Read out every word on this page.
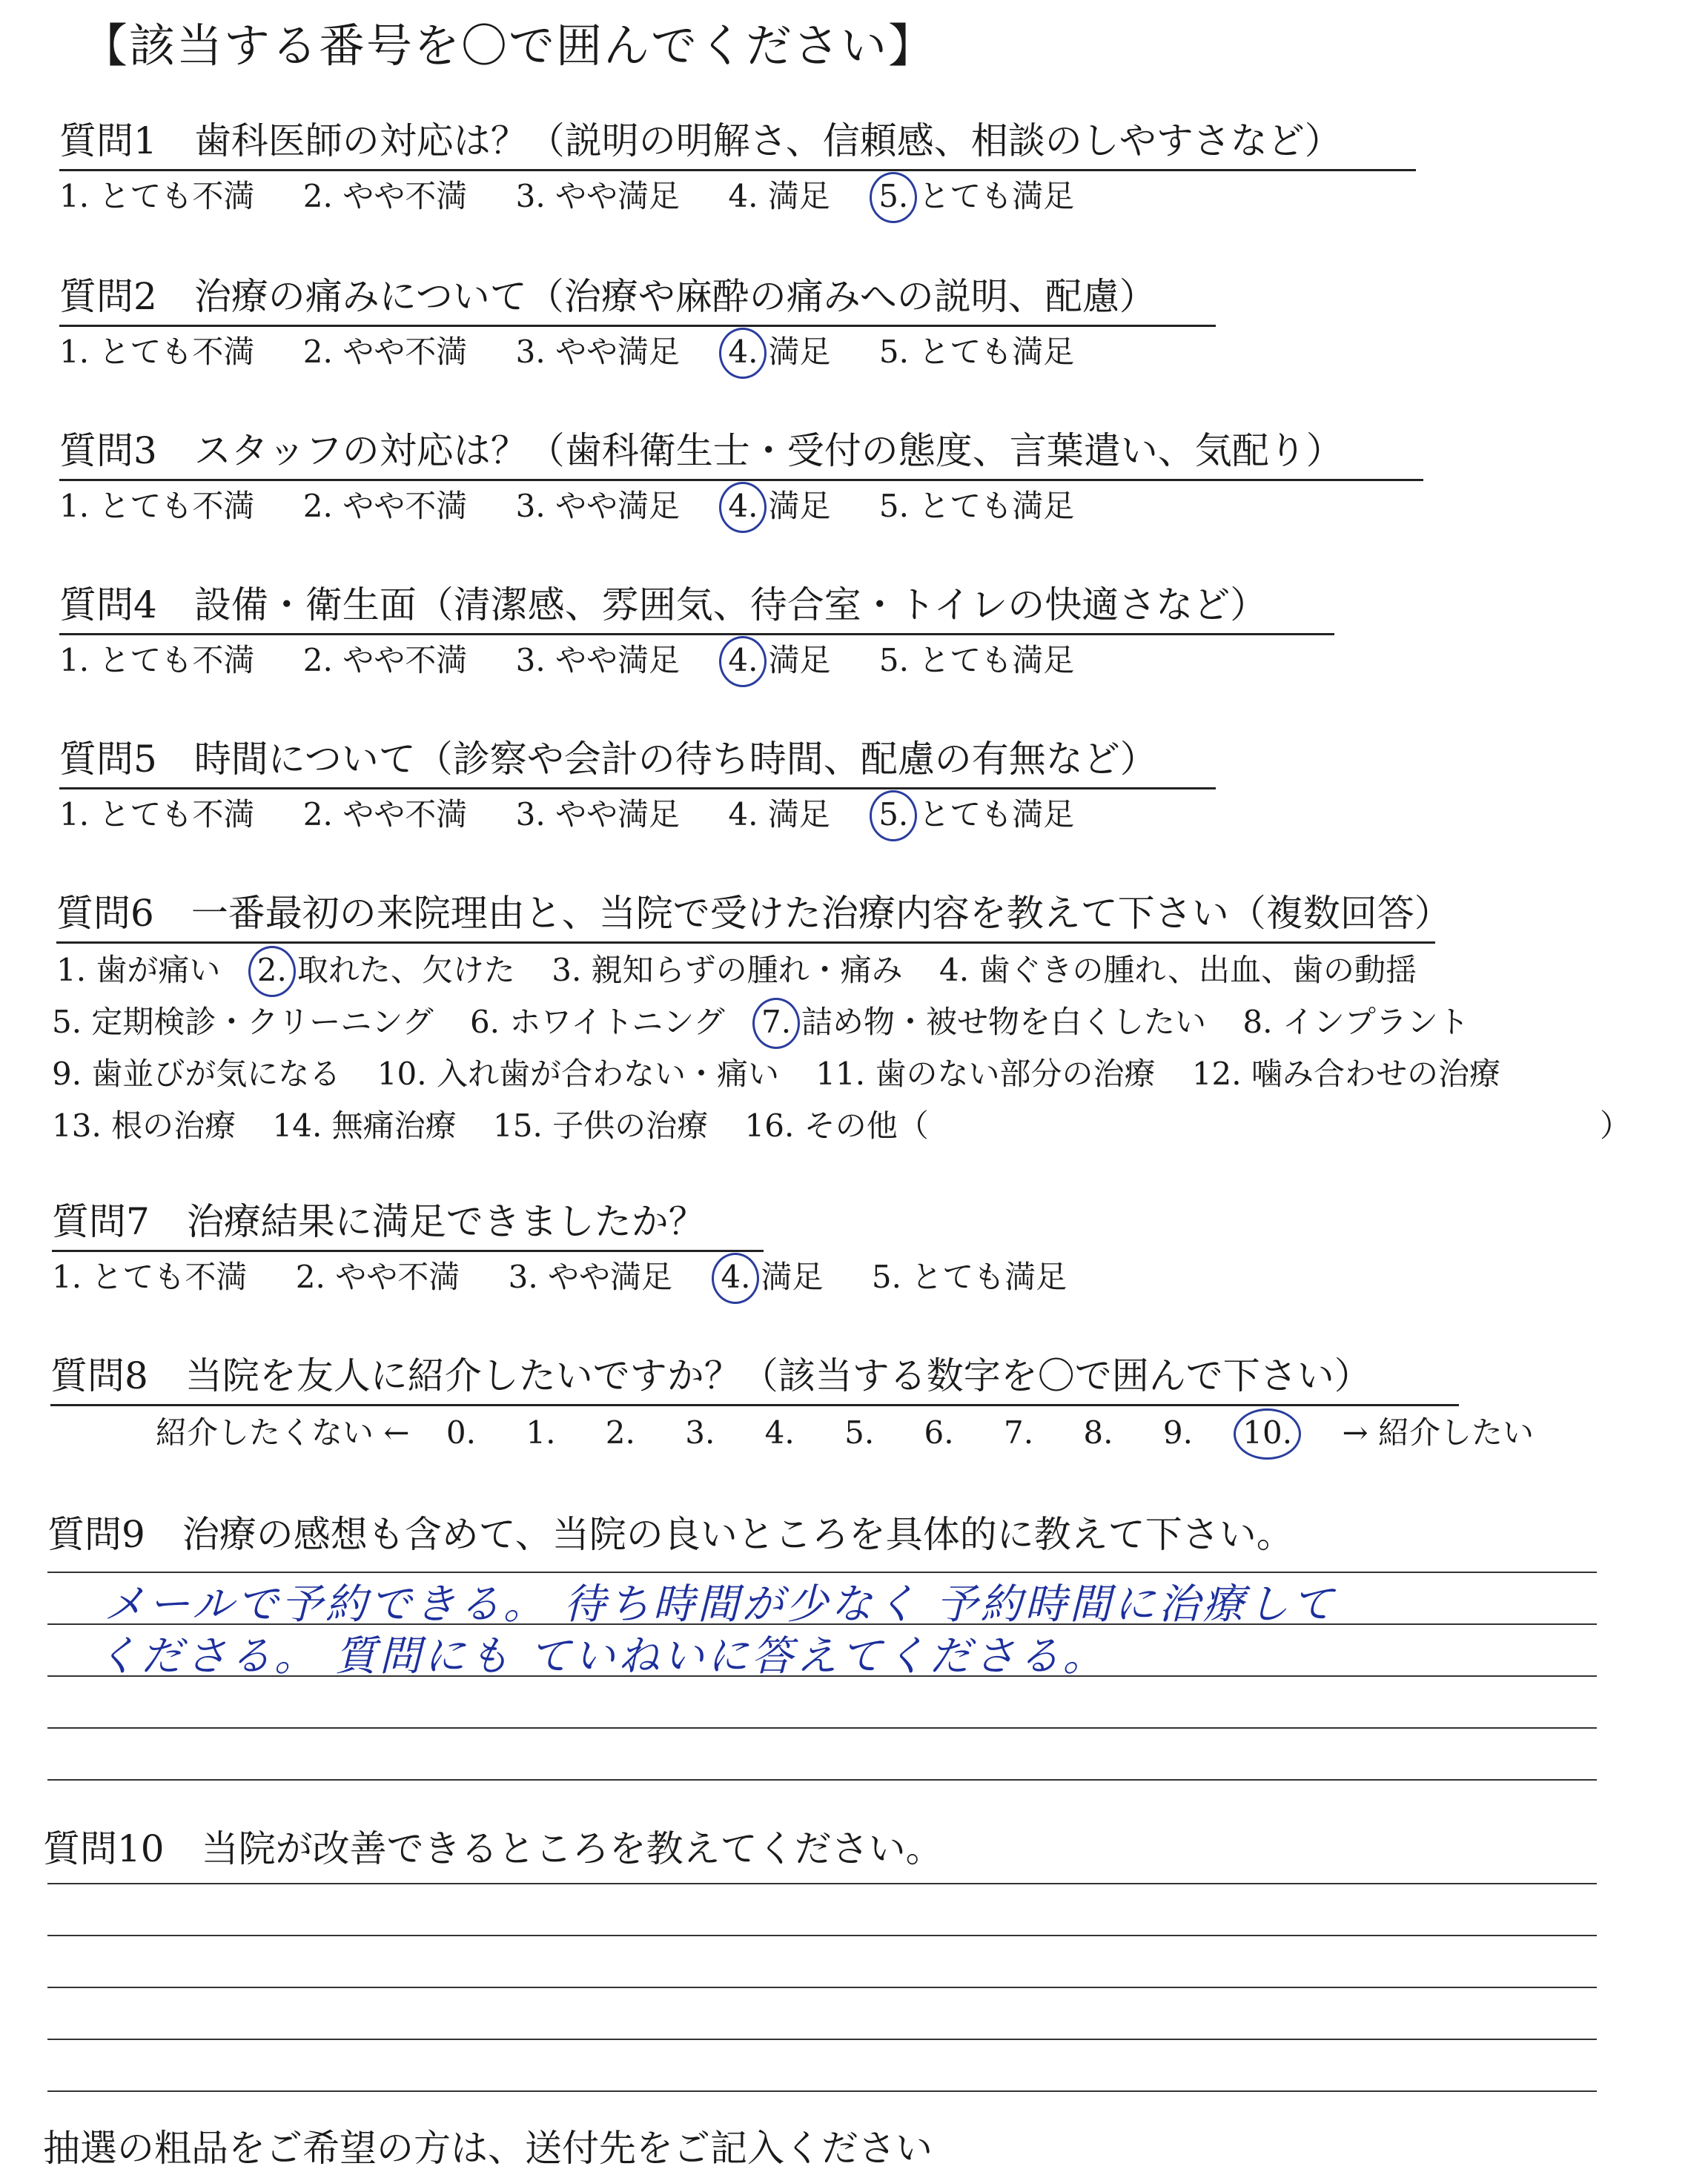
【該当する番号を〇で囲んでください】
質問1 歯科医師の対応は？（説明の明解さ、信頼感、相談のしやすさなど）
1. とても不満 2. やや不満 3. やや満足 4. 満足 5. とても満足
質問2 治療の痛みについて（治療や麻酔の痛みへの説明、配慮）
1. とても不満 2. やや不満 3. やや満足 4. 満足 5. とても満足
質問3 スタッフの対応は？（歯科衛生士・受付の態度、言葉遣い、気配り）
1. とても不満 2. やや不満 3. やや満足 4. 満足 5. とても満足
質問4 設備・衛生面（清潔感、雰囲気、待合室・トイレの快適さなど）
1. とても不満 2. やや不満 3. やや満足 4. 満足 5. とても満足
質問5 時間について（診察や会計の待ち時間、配慮の有無など）
1. とても不満 2. やや不満 3. やや満足 4. 満足 5. とても満足
質問6 一番最初の来院理由と、当院で受けた治療内容を教えて下さい（複数回答）
1. 歯が痛い 2. 取れた、欠けた 3. 親知らずの腫れ・痛み 4. 歯ぐきの腫れ、出血、歯の動揺
5. 定期検診・クリーニング 6. ホワイトニング 7. 詰め物・被せ物を白くしたい 8. インプラント
9. 歯並びが気になる 10. 入れ歯が合わない・痛い 11. 歯のない部分の治療 12. 噛み合わせの治療
13. 根の治療 14. 無痛治療 15. 子供の治療 16. その他（	）
質問7 治療結果に満足できましたか？
1. とても不満 2. やや不満 3. やや満足 4. 満足 5. とても満足
質問8 当院を友人に紹介したいですか？（該当する数字を〇で囲んで下さい）
紹介したくない ← 0. 1. 2. 3. 4. 5. 6. 7. 8. 9. 10. → 紹介したい
質問9 治療の感想も含めて、当院の良いところを具体的に教えて下さい。
メールで予約できる。 待ち時間が少なく 予約時間に治療して
くださる。 質問にも ていねいに答えてくださる。
質問10 当院が改善できるところを教えてください。
抽選の粗品をご希望の方は、送付先をご記入ください
